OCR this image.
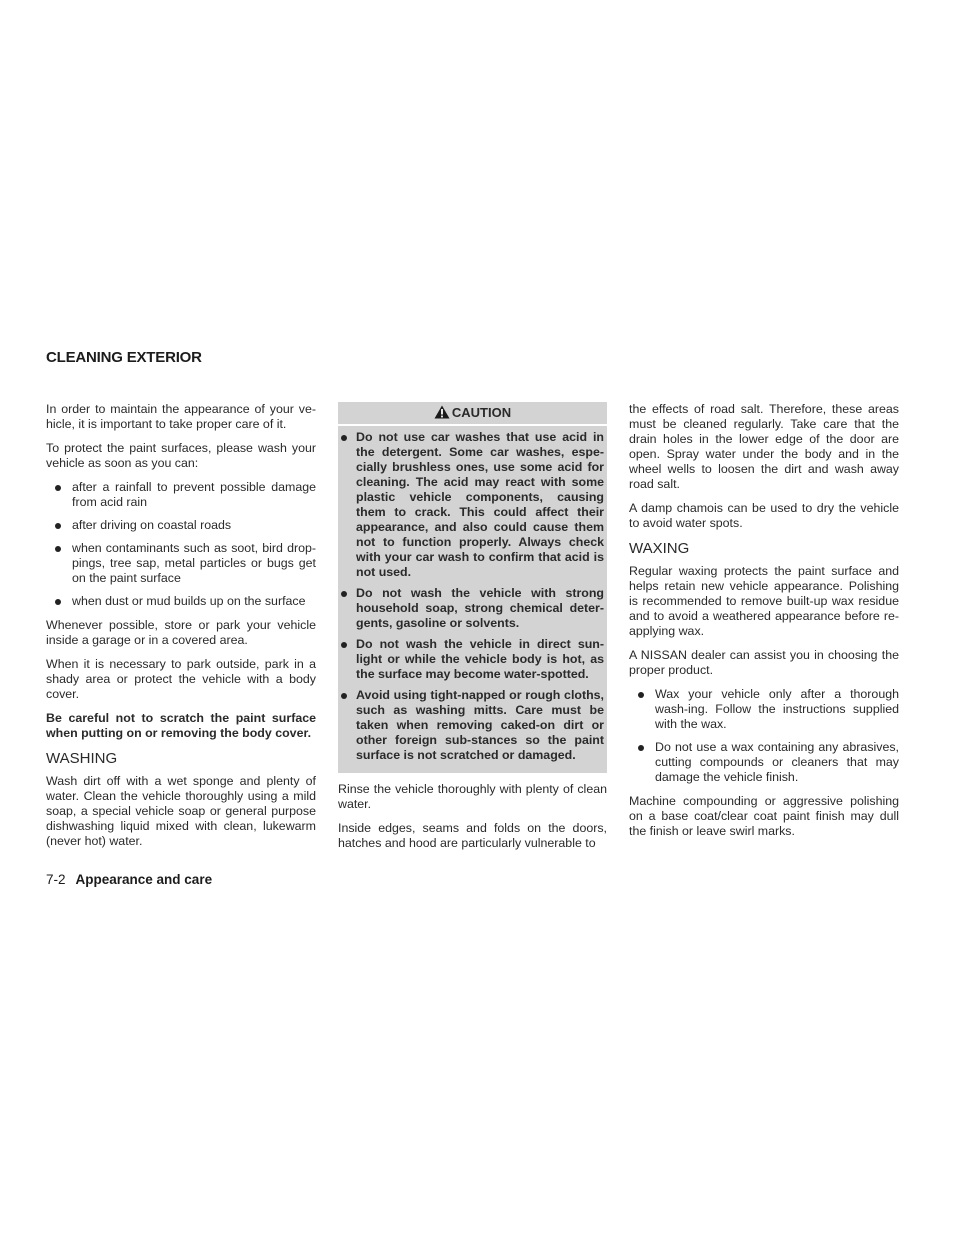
CLEANING EXTERIOR

In order to maintain the appearance of your ve-hicle, it is important to take proper care of it.

To protect the paint surfaces, please wash your vehicle as soon as you can:

after a rainfall to prevent possible damage from acid rain
after driving on coastal roads
when contaminants such as soot, bird drop-pings, tree sap, metal particles or bugs get on the paint surface
when dust or mud builds up on the surface

Whenever possible, store or park your vehicle inside a garage or in a covered area.

When it is necessary to park outside, park in a shady area or protect the vehicle with a body cover.

Be careful not to scratch the paint surface when putting on or removing the body cover.

WASHING

Wash dirt off with a wet sponge and plenty of water. Clean the vehicle thoroughly using a mild soap, a special vehicle soap or general purpose dishwashing liquid mixed with clean, lukewarm (never hot) water.

CAUTION
Do not use car washes that use acid in the detergent. Some car washes, espe-cially brushless ones, use some acid for cleaning. The acid may react with some plastic vehicle components, causing them to crack. This could affect their appearance, and also could cause them not to function properly. Always check with your car wash to confirm that acid is not used.
Do not wash the vehicle with strong household soap, strong chemical deter-gents, gasoline or solvents.
Do not wash the vehicle in direct sun-light or while the vehicle body is hot, as the surface may become water-spotted.
Avoid using tight-napped or rough cloths, such as washing mitts. Care must be taken when removing caked-on dirt or other foreign sub-stances so the paint surface is not scratched or damaged.

Rinse the vehicle thoroughly with plenty of clean water.

Inside edges, seams and folds on the doors, hatches and hood are particularly vulnerable to

the effects of road salt. Therefore, these areas must be cleaned regularly. Take care that the drain holes in the lower edge of the door are open. Spray water under the body and in the wheel wells to loosen the dirt and wash away road salt.

A damp chamois can be used to dry the vehicle to avoid water spots.

WAXING

Regular waxing protects the paint surface and helps retain new vehicle appearance. Polishing is recommended to remove built-up wax residue and to avoid a weathered appearance before re-applying wax.

A NISSAN dealer can assist you in choosing the proper product.

Wax your vehicle only after a thorough wash-ing. Follow the instructions supplied with the wax.
Do not use a wax containing any abrasives, cutting compounds or cleaners that may damage the vehicle finish.

Machine compounding or aggressive polishing on a base coat/clear coat paint finish may dull the finish or leave swirl marks.

7-2 Appearance and care
